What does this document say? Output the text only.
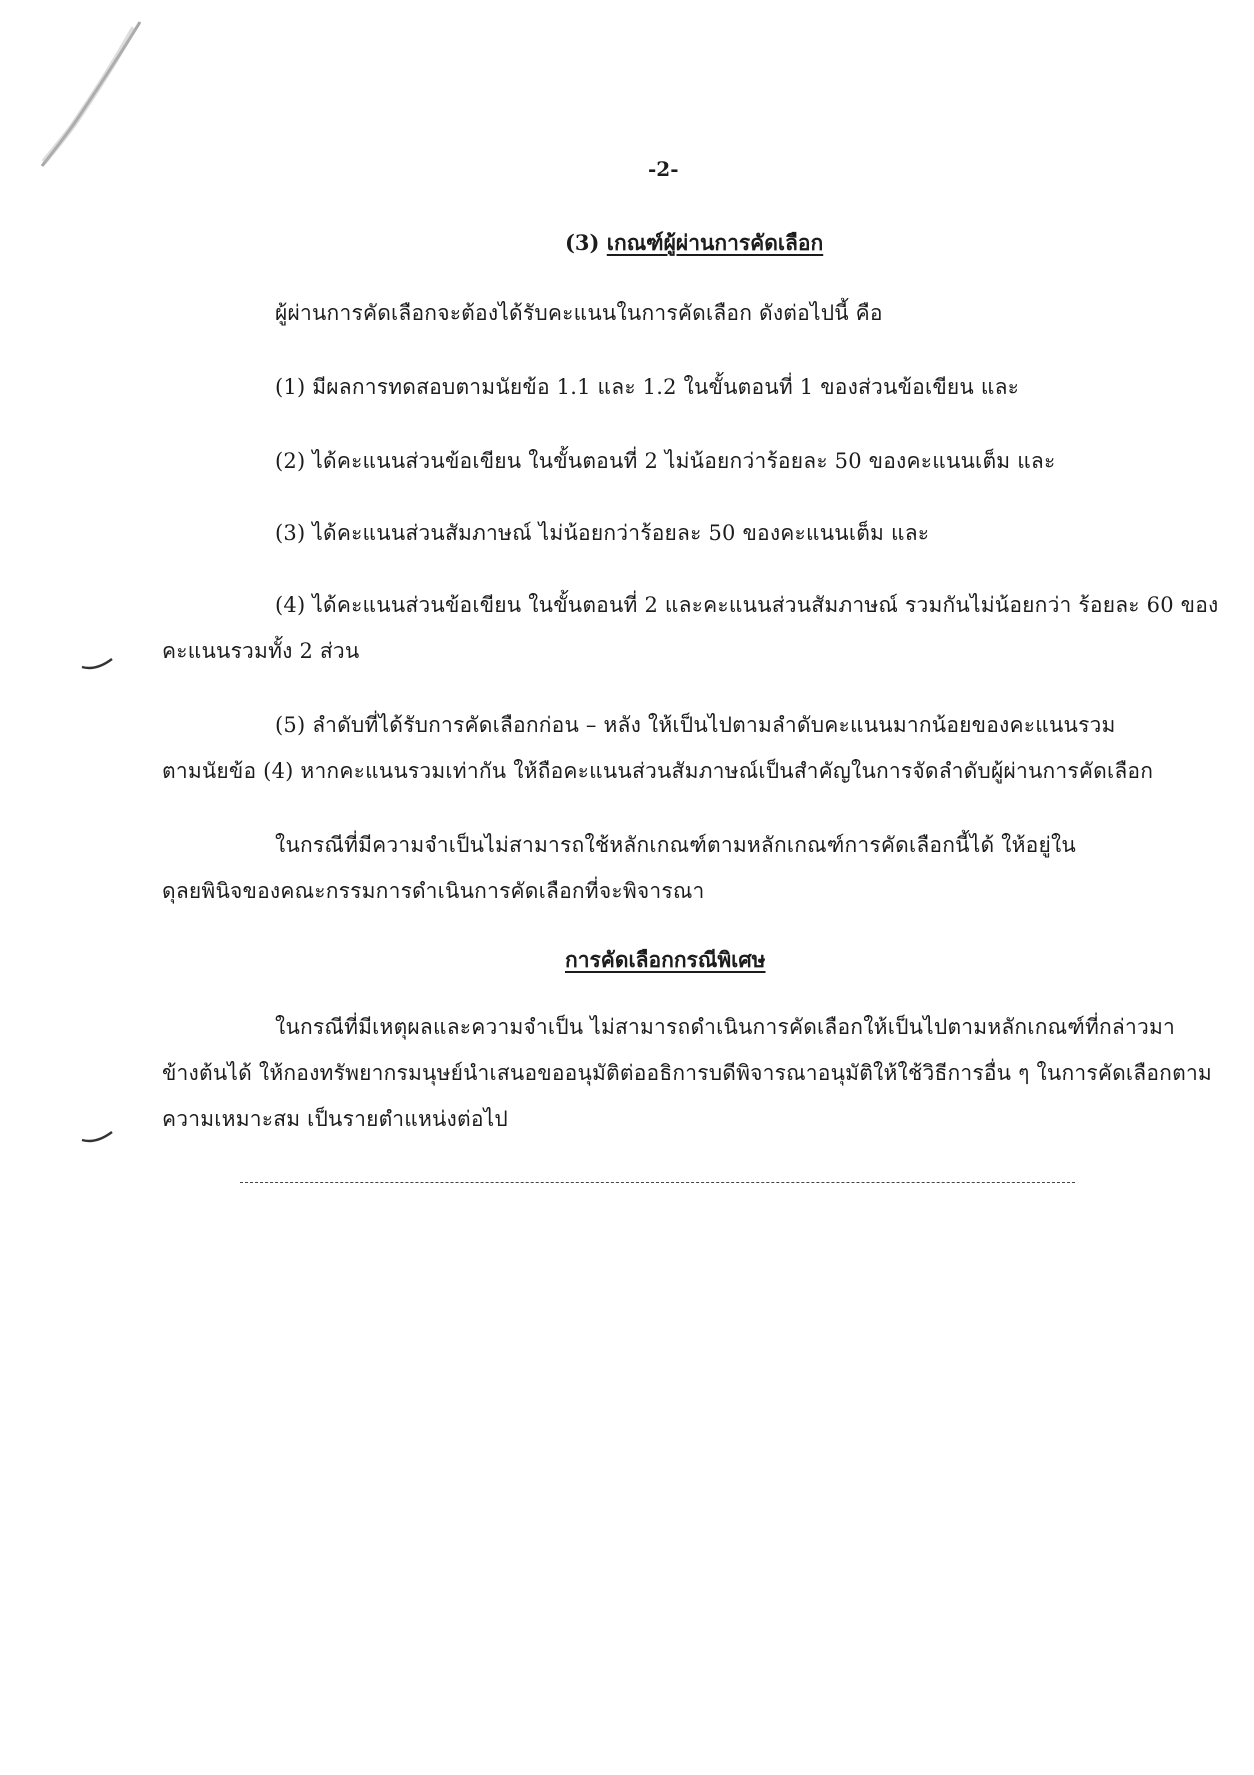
-2-
(3) เกณฑ์ผู้ผ่านการคัดเลือก
ผู้ผ่านการคัดเลือกจะต้องได้รับคะแนนในการคัดเลือก ดังต่อไปนี้ คือ
(1) มีผลการทดสอบตามนัยข้อ 1.1 และ 1.2 ในขั้นตอนที่ 1 ของส่วนข้อเขียน และ
(2) ได้คะแนนส่วนข้อเขียน ในขั้นตอนที่ 2 ไม่น้อยกว่าร้อยละ 50 ของคะแนนเต็ม และ
(3) ได้คะแนนส่วนสัมภาษณ์ ไม่น้อยกว่าร้อยละ 50 ของคะแนนเต็ม และ
(4) ได้คะแนนส่วนข้อเขียน ในขั้นตอนที่ 2 และคะแนนส่วนสัมภาษณ์ รวมกันไม่น้อยกว่า ร้อยละ 60 ของ
คะแนนรวมทั้ง 2 ส่วน
(5) ลำดับที่ได้รับการคัดเลือกก่อน – หลัง ให้เป็นไปตามลำดับคะแนนมากน้อยของคะแนนรวม
ตามนัยข้อ (4) หากคะแนนรวมเท่ากัน ให้ถือคะแนนส่วนสัมภาษณ์เป็นสำคัญในการจัดลำดับผู้ผ่านการคัดเลือก
ในกรณีที่มีความจำเป็นไม่สามารถใช้หลักเกณฑ์ตามหลักเกณฑ์การคัดเลือกนี้ได้ ให้อยู่ใน
ดุลยพินิจของคณะกรรมการดำเนินการคัดเลือกที่จะพิจารณา
การคัดเลือกกรณีพิเศษ
ในกรณีที่มีเหตุผลและความจำเป็น ไม่สามารถดำเนินการคัดเลือกให้เป็นไปตามหลักเกณฑ์ที่กล่าวมา
ข้างต้นได้ ให้กองทรัพยากรมนุษย์นำเสนอขออนุมัติต่ออธิการบดีพิจารณาอนุมัติให้ใช้วิธีการอื่น ๆ ในการคัดเลือกตาม
ความเหมาะสม เป็นรายตำแหน่งต่อไป
